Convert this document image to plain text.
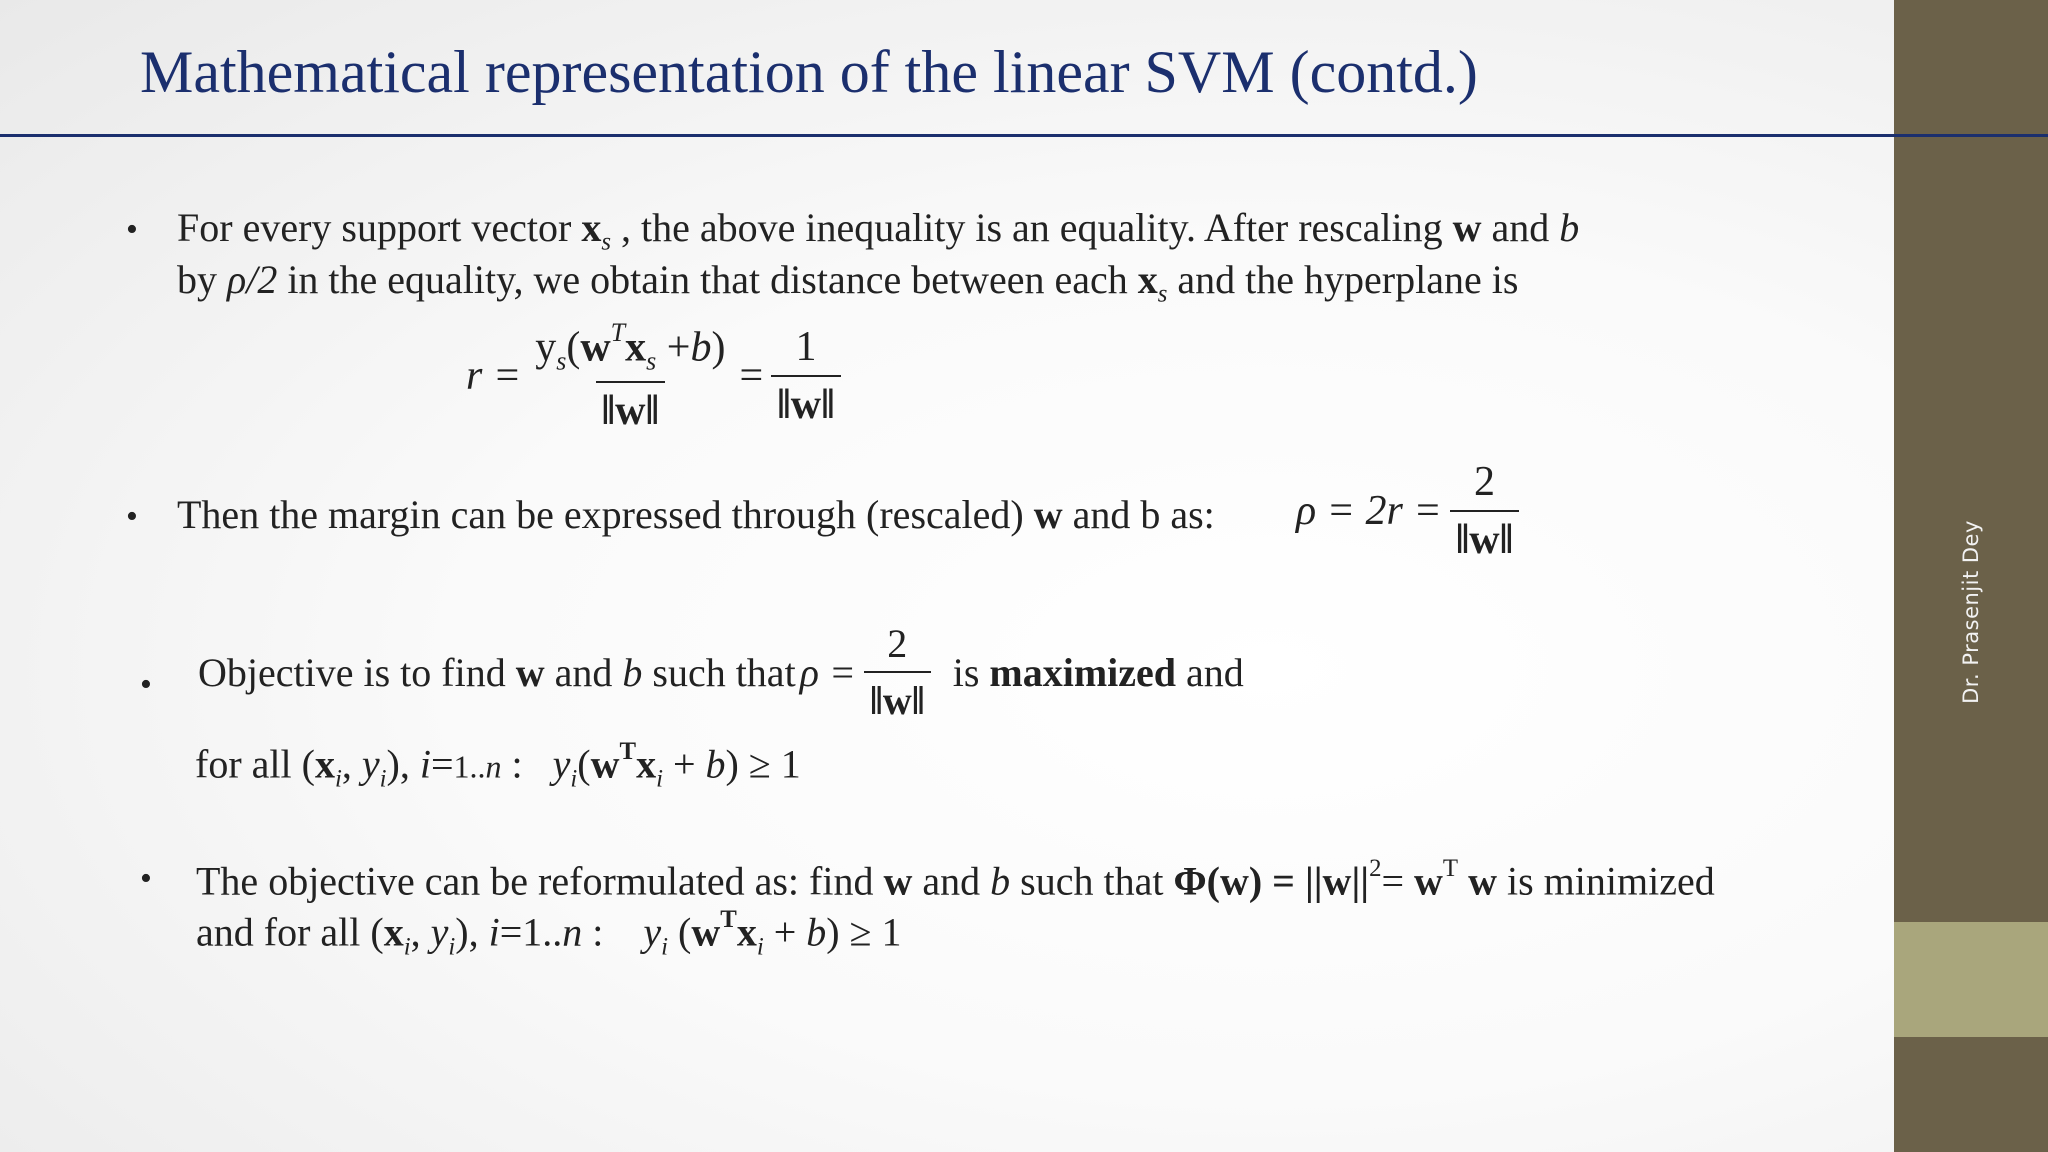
Dr. Prasenjit Dey
Mathematical representation of the linear SVM (contd.)
• For every support vector $x_s$ , the above inequality is an equality. After rescaling w and b
by ρ/2 in the equality, we obtain that distance between each $x_s$ and the hyperplane is
$r = \frac{y_s(w^Tx_s +b)}{‖w‖} = \frac{1}{‖w‖}$
• Then the margin can be expressed through (rescaled) w and b as: $\rho = 2r = \frac{2}{‖w‖}$
• Objective is to find w and b such that $\rho = \frac{2}{‖w‖}$ is maximized and
for all ($x_i$, $y_i$), i=1..n :   $y_i(w^Tx_i + b) \ge 1$
• The objective can be reformulated as: find w and b such that $\Phi(w) = ||w||^2= w^T$ w is minimized
and for all ($x_i$, $y_i$), i=1..n :    $y_i$ $(w^Tx_i + b) \ge 1$
